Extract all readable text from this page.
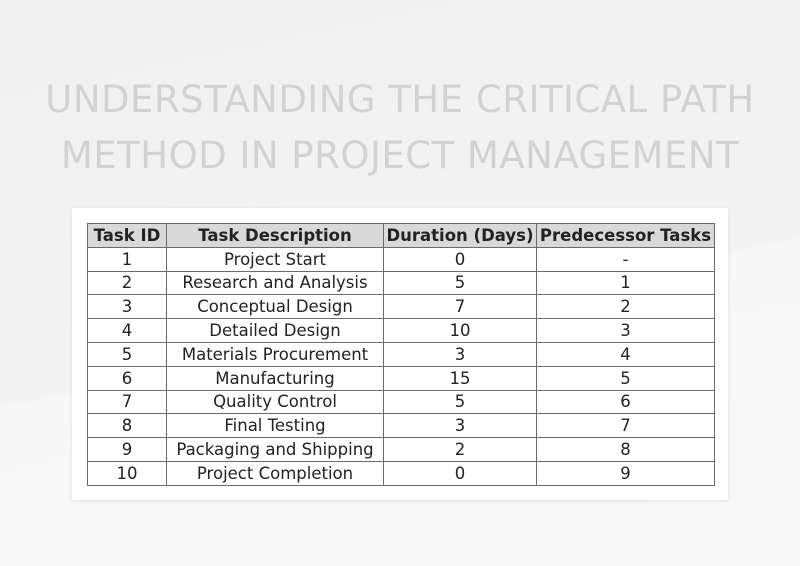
UNDERSTANDING THE CRITICAL PATH
METHOD IN PROJECT MANAGEMENT
Task ID	Task Description	Duration (Days)	Predecessor Tasks
1	Project Start	0	-
2	Research and Analysis	5	1
3	Conceptual Design	7	2
4	Detailed Design	10	3
5	Materials Procurement	3	4
6	Manufacturing	15	5
7	Quality Control	5	6
8	Final Testing	3	7
9	Packaging and Shipping	2	8
10	Project Completion	0	9
